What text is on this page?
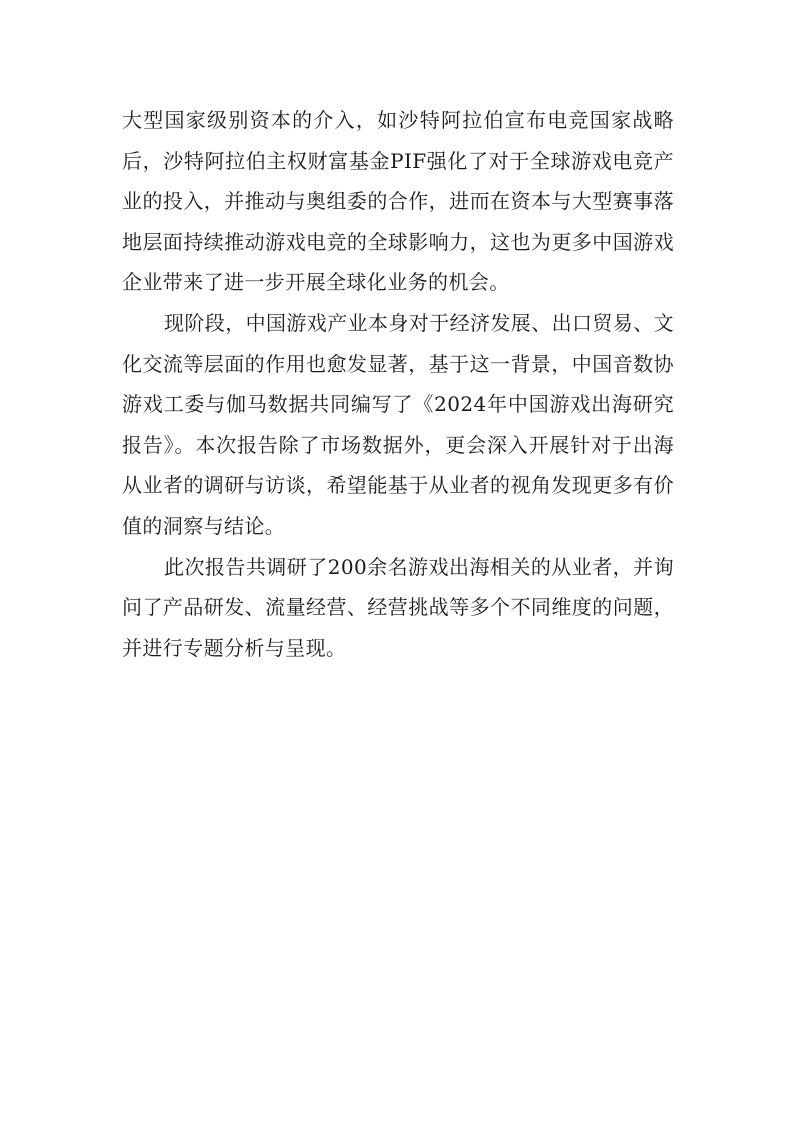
大型国家级别资本的介入，如沙特阿拉伯宣布电竞国家战略后，沙特阿拉伯主权财富基金PIF强化了对于全球游戏电竞产业的投入，并推动与奥组委的合作，进而在资本与大型赛事落地层面持续推动游戏电竞的全球影响力，这也为更多中国游戏企业带来了进一步开展全球化业务的机会。

现阶段，中国游戏产业本身对于经济发展、出口贸易、文化交流等层面的作用也愈发显著，基于这一背景，中国音数协游戏工委与伽马数据共同编写了《2024年中国游戏出海研究报告》。本次报告除了市场数据外，更会深入开展针对于出海从业者的调研与访谈，希望能基于从业者的视角发现更多有价值的洞察与结论。

此次报告共调研了200余名游戏出海相关的从业者，并询问了产品研发、流量经营、经营挑战等多个不同维度的问题，并进行专题分析与呈现。
